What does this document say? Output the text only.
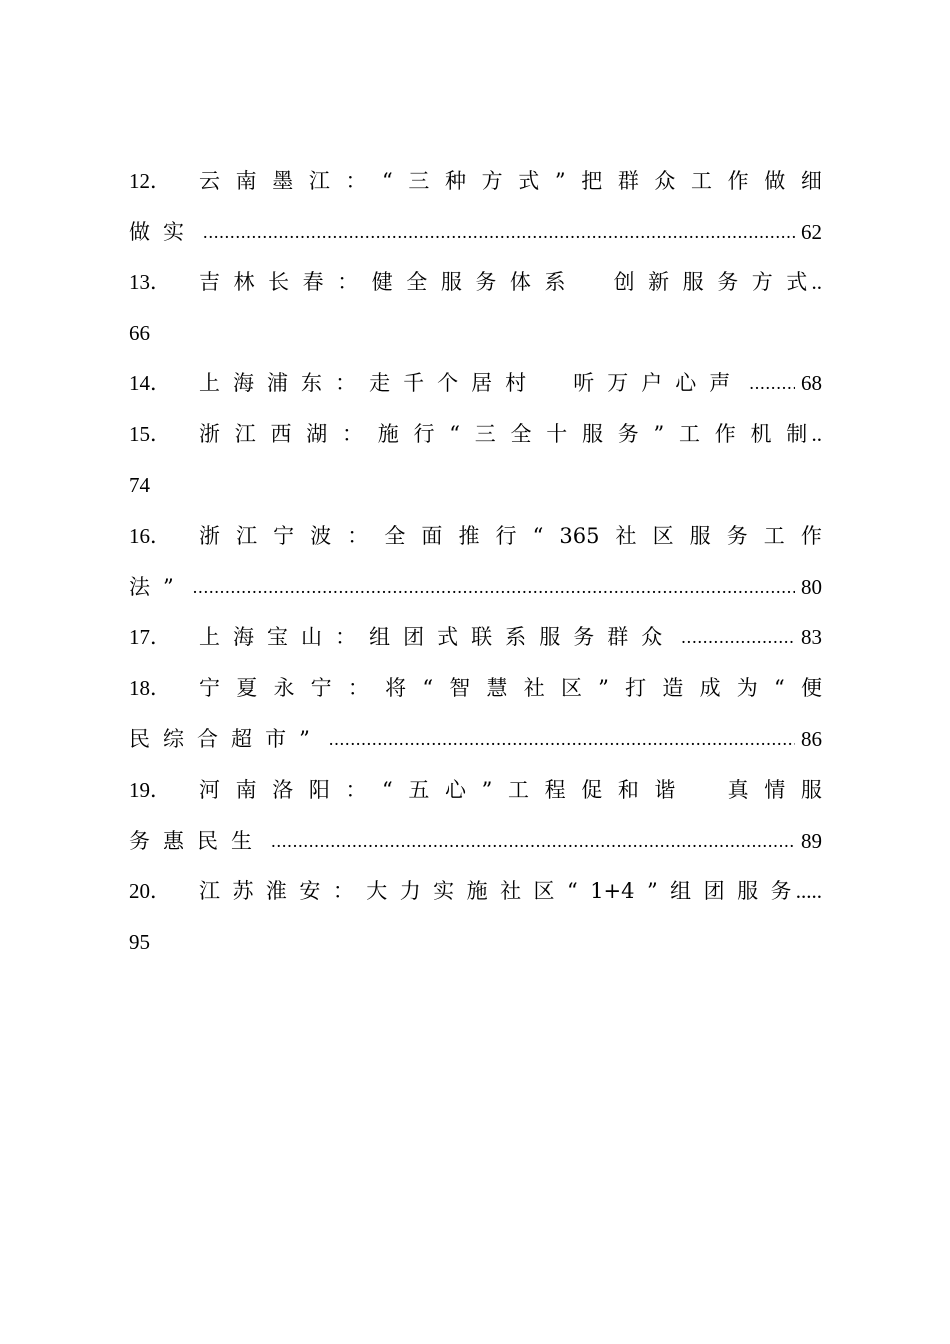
12．	云 南 墨 江 ： “ 三 种 方 式 ” 把 群 众 工 作 做 细
做实 .....	62
13．	吉 林 长 春 ： 健 全 服 务 体 系
　 创 新 服 务 方 式 ..
66
14．	上海浦东：走千个居村　听万户心声 .....	68
15．	浙 江 西 湖 ： 施 行 “ 三 全 十 服 务 ” 工 作 机 制 ..
74
16．	浙 江 宁 波 ： 全 面 推 行 “ 365 社 区 服 务 工 作
法” .....	80
17．	上海宝山：组团式联系服务群众 .....	83
18．	宁 夏 永 宁 ： 将 “ 智 慧 社 区 ” 打 造 成 为 “ 便
民综合超市” .....	86
19．	河 南 洛 阳 ： “ 五 心 ” 工 程 促 和 谐
　 真 情 服
务惠民生 .....	89
20．	江 苏 淮 安 ： 大 力 实 施 社 区 “ 1+4 ” 组 团 服 务 .....
95
